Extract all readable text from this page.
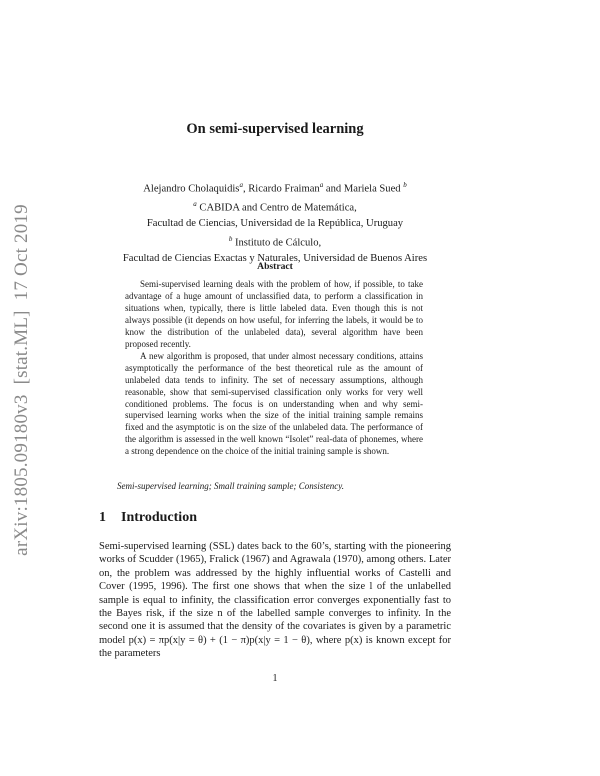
arXiv:1805.09180v3[stat.ML]17 Oct 2019
On semi-supervised learning
Alejandro Cholaquidis$^a$, Ricardo Fraiman$^a$ and Mariela Sued $^b$
$^a$ CABIDA and Centro de Matemática,
Facultad de Ciencias, Universidad de la República, Uruguay
$^b$ Instituto de Cálculo,
Facultad de Ciencias Exactas y Naturales, Universidad de Buenos Aires
Abstract

Semi-supervised learning deals with the problem of how, if possible, to take advantage of a huge amount of unclassified data, to perform a classification in situations when, typically, there is little labeled data. Even though this is not always possible (it depends on how useful, for inferring the labels, it would be to know the distribution of the unlabeled data), several algorithm have been proposed recently.

A new algorithm is proposed, that under almost necessary conditions, attains asymptotically the performance of the best theoretical rule as the amount of unlabeled data tends to infinity. The set of necessary assumptions, although reasonable, show that semi-supervised classification only works for very well conditioned problems. The focus is on understanding when and why semi-supervised learning works when the size of the initial training sample remains fixed and the asymptotic is on the size of the unlabeled data. The performance of the algorithm is assessed in the well known “Isolet” real-data of phonemes, where a strong dependence on the choice of the initial training sample is shown.

Semi-supervised learning; Small training sample; Consistency.
1 Introduction

Semi-supervised learning (SSL) dates back to the 60’s, starting with the pioneering works of Scudder (1965), Fralick (1967) and Agrawala (1970), among others. Later on, the problem was addressed by the highly influential works of Castelli and Cover (1995, 1996). The first one shows that when the size l of the unlabelled sample is equal to infinity, the classification error converges exponentially fast to the Bayes risk, if the size n of the labelled sample converges to infinity. In the second one it is assumed that the density of the covariates is given by a parametric model p(x) = πp(x|y = θ) + (1 − π)p(x|y = 1 − θ), where p(x) is known except for the parameters

1
